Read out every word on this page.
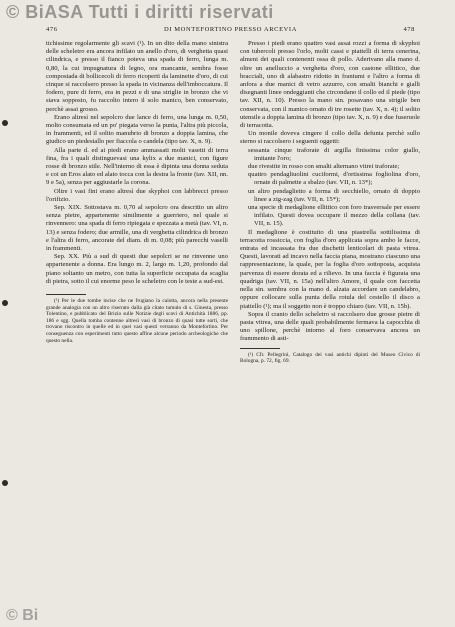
© BiASA Tutti i diritti riservati
476	DI MONTEFORTINO PRESSO ARCEVIA	478

tichissime regolarmente gli scavi (¹). In un dito della mano sinistra delle scheletro era ancora infilato un anello d'oro, di verghetta quasi cilindrica, e presso il fianco poteva una spada di ferro, lunga m. 0,80, la cui impugnatura di legno, ora mancante, sembra fosse compostada di bollicecoli di ferro ricoperti da laminette d'oro, di cui cinque si raccolsero presso la spada in vicinanza dell'imboccatura. Il fodero, pure di ferro, era in pezzi e di una striglie in bronzo che vi stava sopposto, fu raccolto intero il solo manico, ben conservato, perchè assai grosso.

Erano altresì nel sepolcro due lance di ferro, una lunga m. 0,50, molto consumata ed un po' piegata verso la punta, l'altra più piccola, in frammenti, ed il solito manubrio di bronzo a doppia lamina, che giudico un piedestallo per fiaccola o candela (tipo tav. X, n. 9).

Alla parte d. ed ai piedi erano ammassati molti vasetti di terra fina, fra i quali distinguevasi una kylix a due manici, con figure rosse di bronzo stile. Nell'interno di essa è dipinta una donna seduta e coi un Eros alato ed alato tocca con la destra la fronte (tav. XII, nn. 9 e 5a), senza per aggiustarle la corona.

Oltre i vasi fini erano altresì due skyphoi con labbrecci presso l'orifizio.

Sep. XIX. Sottostava m. 0,70 al sepolcro ora descritto un altro senza pietre, appartenente similmente a guerriero, nel quale si rinvennero: una spada di ferro ripiegata e spezzata a metà (tav. VI, n. 13) e senza fodero; due armille, una di verghetta cilindrica di bronzo e l'altra di ferro, ancorate del diam. di m. 0,08; più parecchi vaselli in frammenti.

Sep. XX. Più a sud di questi due sepolcri se ne rinvenne uno appartenente a donna. Era lungo m. 2, largo m. 1,20, profondo dal piano soltanto un metro, con tutta la superficie occupata da scaglia di pietra, sotto il cui enorme peso le scheletro con le teste a sud-est.

(¹) Per le due tombe incise che ne frugiano la calotta, ancora nella presente grande analogia con un altro riserrato dalla già citato tumulo di s. Ginesta, presso Tolentino, e pubblicato del Brizio sulle Notizie degli scavi di Antichità 1886, pp. 186 e sgg. Quella tomba contenne altresì vasi di bronzo di quasi tutte sorti, che trovano riscontro in quelle ed in quei vasi questi verranno da Montefortino. Per conseguenza con esperimenti tutto questo affine alcune periodo archeologiche che questo nella.

Presso i piedi erano quattro vasi assai rozzi a forma di skyphoi con tubercoli presso l'orlo, molti cassi e piattelli di terra cenerina, almeni dei quali contenenti ossa di pollo. Aderivano alla mano d. oltre un anelluccio a verghetta d'oro, con castone ellittico, due bracciali, uno di alabastro ridotto in frantumi e l'altro a forma di anfora a due manici di vetro azzurro, con smalti bianchi e gialli disegnanti linee ondeggianti che circondano il collo ed il piede (tipo tav. XII, n. 10). Presso la mano sin. posavano una strigile ben conservata, con il manico ornato di tre rosette (tav. X, n. 4); il solito utensile a doppia lamina di bronzo (tipo tav. X, n. 9) e due fuseruole di terracotta.

Un monile doveva cingere il collo della defunta perchè sullo sterno si raccolsero i seguenti oggetti:

sessanta cinque traforate di argilla finissima color giallo, imitante l'oro;

due rivestite in rosso con smalti alternano vitrei traforate;

quattro pendagliuolini cuciformi, d'ortissima fogliolina d'oro, ornate di palmette a sbalzo (tav. VII, n. 13*);

un altro pendaglietto a forma di secchiello, ornato di doppio linee a zig-zag (tav. VII, n. 15*);

una specie di medaglione ellittico con foro trasversale per essere infilato. Questi dovea occupare il mezzo della collana (tav. VII, n. 15).

Il medaglione è costituito di una piastrella sottilissima di terracotta rossiccia, con foglia d'oro applicata sopra ambo le facce, entrata ed incassata fra due dischetti lenticolari di pasta vitrea. Questi, lavorati ad incavo nella faccia piana, mostrano ciascuno una rappresentazione, la quale, per la foglia d'oro sottoposta, acquista parvenza di essere dorata ed a rilievo. In una faccia è figurata una quadriga (tav. VII, n. 15a) nell'altro Amore, il quale con faccetta nella sin. sembra con la mano d. alzata accordare un candelabro, oppure collocare sulla punta della rotula del cestello il disco a piattello (¹); ma il soggetto non è troppo chiaro (tav. VII, n. 15b).

Sopra il cranio dello scheletro si raccolsero due grosse pietre di pasta vitrea, una delle quali probabilmente fermava la capocchia di uno spillone, perchè intorno al foro conservava ancora un frammento di asti-

(¹) Cfr. Pellegrini, Catalogo dei vasi antichi dipinti del Museo Civico di Bologna, p. 72, fig. 69.

© Bi
